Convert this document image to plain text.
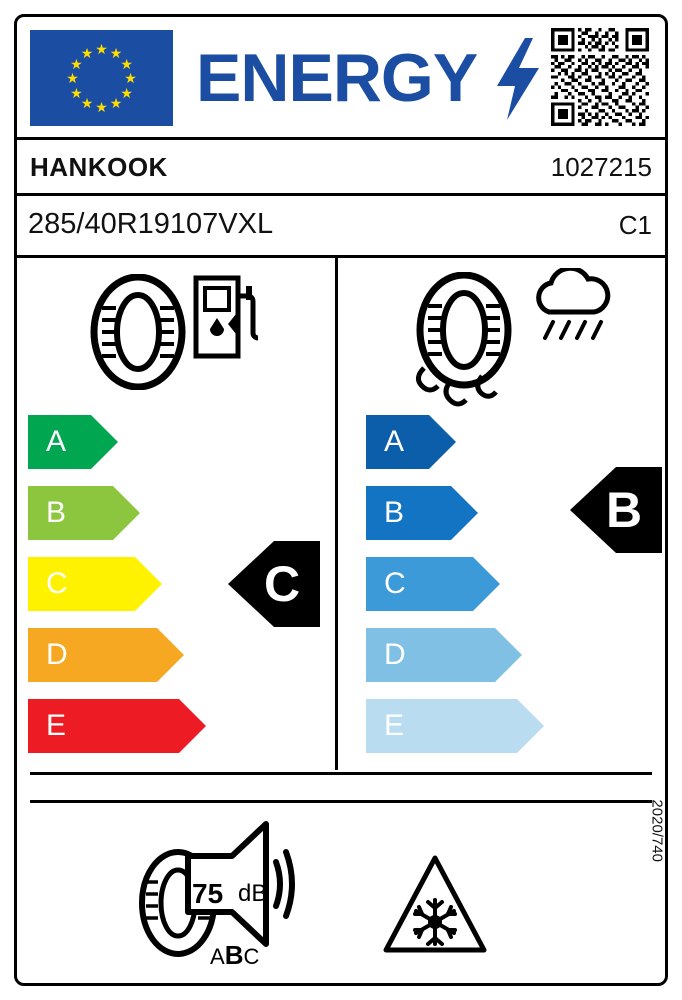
★ ★
★
★
★
★
★
★
★
★
★
★ ENERGY
HANKOOK	1027215
285/40R19107VXL	C1
A
B
C
D
E
A
B
C
D
E
C
B
75 dB
ABC
2020/740
